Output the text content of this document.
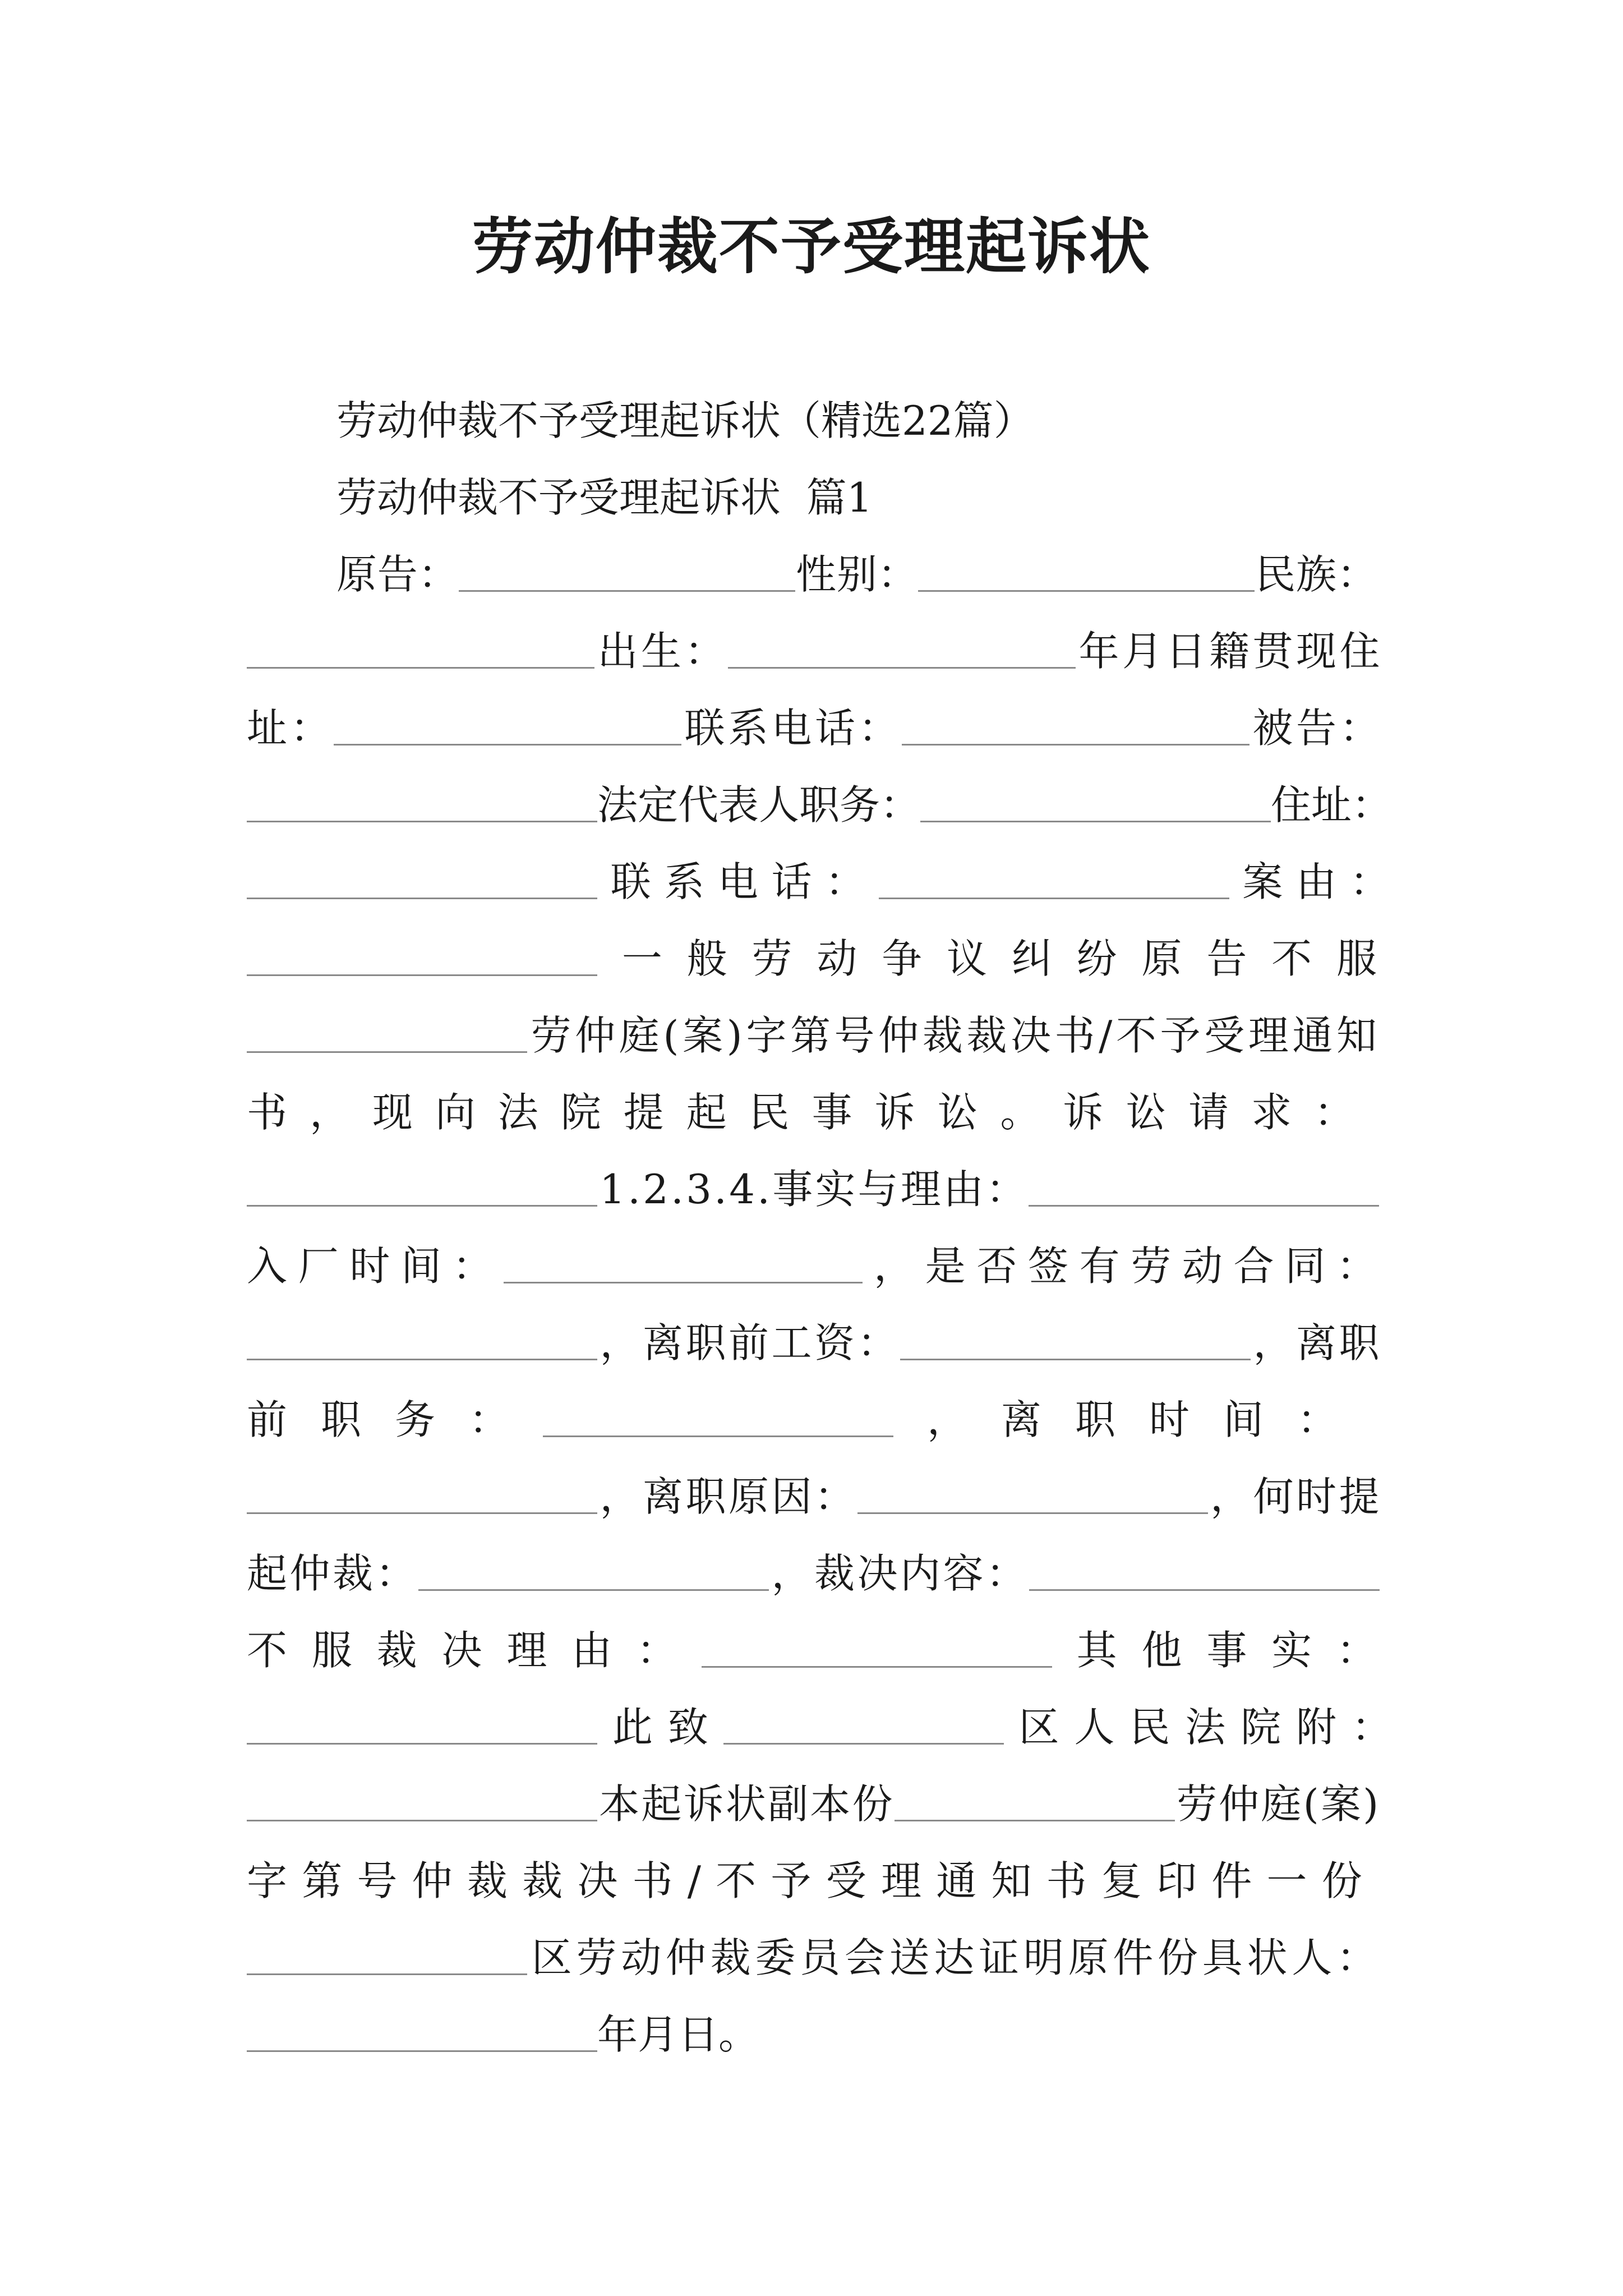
劳动仲裁不予受理起诉状
劳动仲裁不予受理起诉状（精选22篇）
劳动仲裁不予受理起诉状  篇1
原告：	性别：	民族：
出生：	年月日籍贯现住
址：	联系电话：	被告：
法定代表人职务：	住址：
联系电话：	案由：
一般劳动争议纠纷原告不服
劳仲庭(案)字第号仲裁裁决书/不予受理通知
书，现向法院提起民事诉讼。诉讼请求：
1.2.3.4.事实与理由：
入厂时间：	，是否签有劳动合同：
，离职前工资：	，离职
前职务：	，离职时间：
，离职原因：	，何时提
起仲裁：	，裁决内容：
不服裁决理由：	其他事实：
此致	区人民法院附：
本起诉状副本份	劳仲庭(案)
字第号仲裁裁决书/不予受理通知书复印件一份
区劳动仲裁委员会送达证明原件份具状人：
年月日。
